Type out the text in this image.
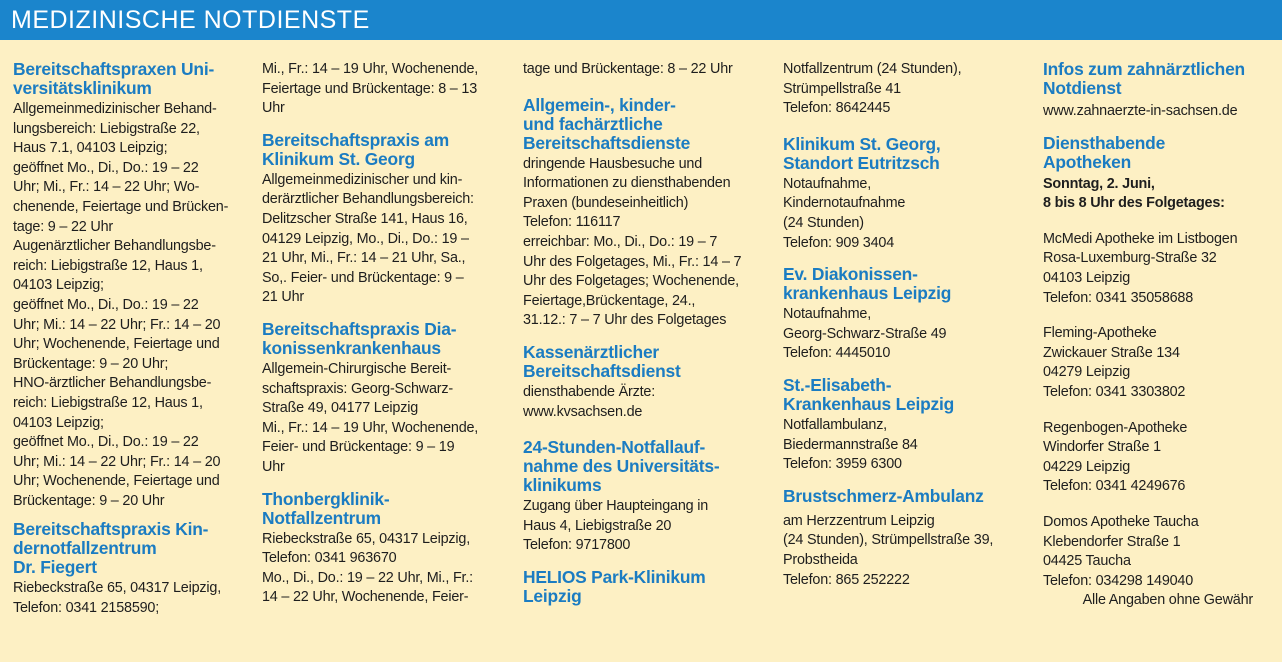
MEDIZINISCHE NOTDIENSTE
Bereitschaftspraxen Uni-
versitätsklinikum

Allgemeinmedizinischer Behand-
lungsbereich: Liebigstraße 22,
Haus 7.1, 04103 Leipzig;
geöffnet Mo., Di., Do.: 19 – 22
Uhr; Mi., Fr.: 14 – 22 Uhr; Wo-
chenende, Feiertage und Brücken-
tage: 9 – 22 Uhr
Augenärztlicher Behandlungsbe-
reich: Liebigstraße 12, Haus 1,
04103 Leipzig;
geöffnet Mo., Di., Do.: 19 – 22
Uhr; Mi.: 14 – 22 Uhr; Fr.: 14 – 20
Uhr; Wochenende, Feiertage und
Brückentage: 9 – 20 Uhr;
HNO-ärztlicher Behandlungsbe-
reich: Liebigstraße 12, Haus 1,
04103 Leipzig;
geöffnet Mo., Di., Do.: 19 – 22
Uhr; Mi.: 14 – 22 Uhr; Fr.: 14 – 20
Uhr; Wochenende, Feiertage und
Brückentage: 9 – 20 Uhr

Bereitschaftspraxis Kin-
dernotfallzentrum
Dr. Fiegert

Riebeckstraße 65, 04317 Leipzig,
Telefon: 0341 2158590;

Mi., Fr.: 14 – 19 Uhr, Wochenende,
Feiertage und Brückentage: 8 – 13
Uhr

Bereitschaftspraxis am
Klinikum St. Georg

Allgemeinmedizinischer und kin-
derärztlicher Behandlungsbereich:
Delitzscher Straße 141, Haus 16,
04129 Leipzig, Mo., Di., Do.: 19 –
21 Uhr, Mi., Fr.: 14 – 21 Uhr, Sa.,
So,. Feier- und Brückentage: 9 –
21 Uhr

Bereitschaftspraxis Dia-
konissenkrankenhaus

Allgemein-Chirurgische Bereit-
schaftspraxis: Georg-Schwarz-
Straße 49, 04177 Leipzig
Mi., Fr.: 14 – 19 Uhr, Wochenende,
Feier- und Brückentage: 9 – 19
Uhr

Thonbergklinik-
Notfallzentrum

Riebeckstraße 65, 04317 Leipzig,
Telefon: 0341 963670
Mo., Di., Do.: 19 – 22 Uhr, Mi., Fr.:
14 – 22 Uhr, Wochenende, Feier-

tage und Brückentage: 8 – 22 Uhr

Allgemein-, kinder-
und fachärztliche
Bereitschaftsdienste

dringende Hausbesuche und
Informationen zu diensthabenden
Praxen (bundeseinheitlich)
Telefon: 116117
erreichbar: Mo., Di., Do.: 19 – 7
Uhr des Folgetages, Mi., Fr.: 14 – 7
Uhr des Folgetages; Wochenende,
Feiertage,Brückentage, 24.,
31.12.: 7 – 7 Uhr des Folgetages

Kassenärztlicher
Bereitschaftsdienst

diensthabende Ärzte:
www.kvsachsen.de

24-Stunden-Notfallauf-
nahme des Universitäts-
klinikums

Zugang über Haupteingang in
Haus 4, Liebigstraße 20
Telefon: 9717800

HELIOS Park-Klinikum
Leipzig

Notfallzentrum (24 Stunden),
Strümpellstraße 41
Telefon: 8642445

Klinikum St. Georg,
Standort Eutritzsch

Notaufnahme,
Kindernotaufnahme
(24 Stunden)
Telefon: 909 3404

Ev. Diakonissen-
krankenhaus Leipzig

Notaufnahme,
Georg-Schwarz-Straße 49
Telefon: 4445010

St.-Elisabeth-
Krankenhaus Leipzig

Notfallambulanz,
Biedermannstraße 84
Telefon: 3959 6300

Brustschmerz-Ambulanz

am Herzzentrum Leipzig
(24 Stunden), Strümpellstraße 39,
Probstheida
Telefon: 865 252222

Infos zum zahnärztlichen
Notdienst

www.zahnaerzte-in-sachsen.de

Diensthabende
Apotheken

Sonntag, 2. Juni,
8 bis 8 Uhr des Folgetages:

McMedi Apotheke im Listbogen
Rosa-Luxemburg-Straße 32
04103 Leipzig
Telefon: 0341 35058688

Fleming-Apotheke
Zwickauer Straße 134
04279 Leipzig
Telefon: 0341 3303802

Regenbogen-Apotheke
Windorfer Straße 1
04229 Leipzig
Telefon: 0341 4249676

Domos Apotheke Taucha
Klebendorfer Straße 1
04425 Taucha
Telefon: 034298 149040

Alle Angaben ohne Gewähr
